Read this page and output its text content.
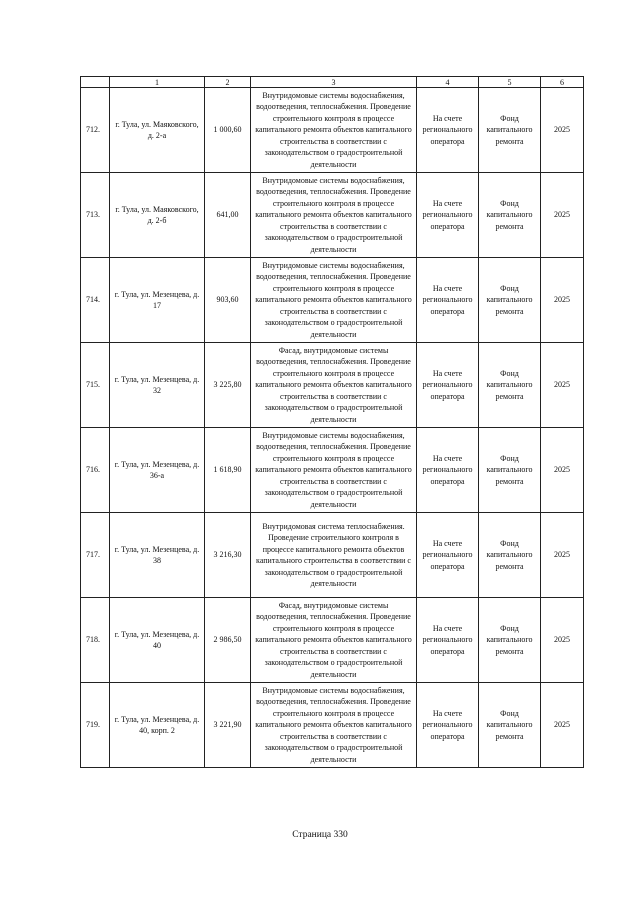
	1	2	3	4	5	6
712.	г. Тула, ул. Маяковского, д. 2-а	1 000,60	Внутридомовые системы водоснабжения, водоотведения, теплоснабжения. Проведение строительного контроля в процессе капитального ремонта объектов капитального строительства в соответствии с законодательством о градостроительной деятельности	На счете регионального оператора	Фонд капитального ремонта	2025
713.	г. Тула, ул. Маяковского, д. 2-б	641,00	Внутридомовые системы водоснабжения, водоотведения, теплоснабжения. Проведение строительного контроля в процессе капитального ремонта объектов капитального строительства в соответствии с законодательством о градостроительной деятельности	На счете регионального оператора	Фонд капитального ремонта	2025
714.	г. Тула, ул. Мезенцева, д. 17	903,60	Внутридомовые системы водоснабжения, водоотведения, теплоснабжения. Проведение строительного контроля в процессе капитального ремонта объектов капитального строительства в соответствии с законодательством о градостроительной деятельности	На счете регионального оператора	Фонд капитального ремонта	2025
715.	г. Тула, ул. Мезенцева, д. 32	3 225,80	Фасад, внутридомовые системы водоотведения, теплоснабжения. Проведение строительного контроля в процессе капитального ремонта объектов капитального строительства в соответствии с законодательством о градостроительной деятельности	На счете регионального оператора	Фонд капитального ремонта	2025
716.	г. Тула, ул. Мезенцева, д. 36-а	1 618,90	Внутридомовые системы водоснабжения, водоотведения, теплоснабжения. Проведение строительного контроля в процессе капитального ремонта объектов капитального строительства в соответствии с законодательством о градостроительной деятельности	На счете регионального оператора	Фонд капитального ремонта	2025
717.	г. Тула, ул. Мезенцева, д. 38	3 216,30	Внутридомовая система теплоснабжения. Проведение строительного контроля в процессе капитального ремонта объектов капитального строительства в соответствии с законодательством о градостроительной деятельности	На счете регионального оператора	Фонд капитального ремонта	2025
718.	г. Тула, ул. Мезенцева, д. 40	2 986,50	Фасад, внутридомовые системы водоотведения, теплоснабжения. Проведение строительного контроля в процессе капитального ремонта объектов капитального строительства в соответствии с законодательством о градостроительной деятельности	На счете регионального оператора	Фонд капитального ремонта	2025
719.	г. Тула, ул. Мезенцева, д. 40, корп. 2	3 221,90	Внутридомовые системы водоснабжения, водоотведения, теплоснабжения. Проведение строительного контроля в процессе капитального ремонта объектов капитального строительства в соответствии с законодательством о градостроительной деятельности	На счете регионального оператора	Фонд капитального ремонта	2025
Страница 330
